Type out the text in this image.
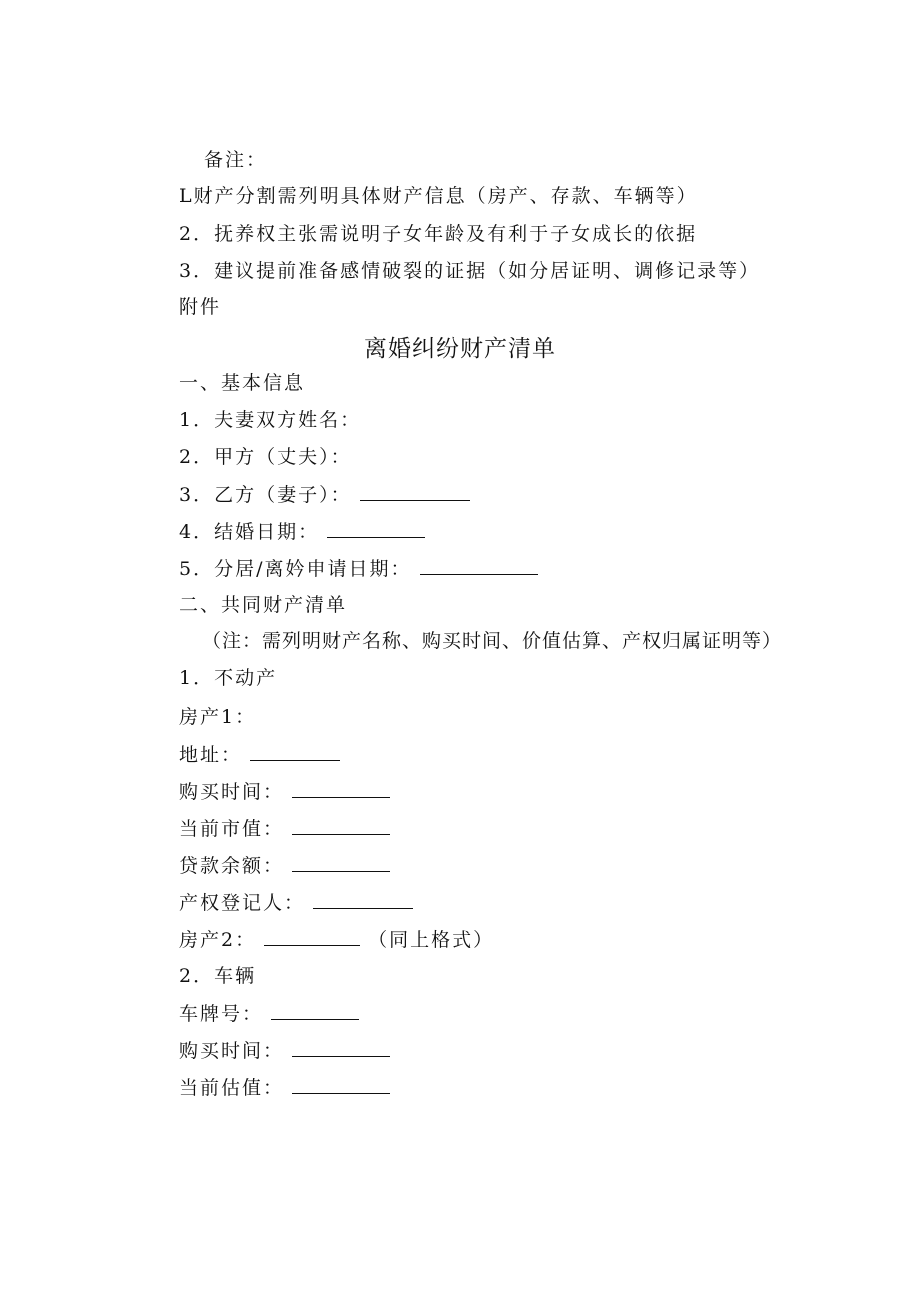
备注：
L财产分割需列明具体财产信息（房产、存款、车辆等）
2．抚养权主张需说明子女年龄及有利于子女成长的依据
3．建议提前准备感情破裂的证据（如分居证明、调修记录等）
附件
离婚纠纷财产清单
一、基本信息
1．夫妻双方姓名：
2．甲方（丈夫）：
3．乙方（妻子）：
4．结婚日期：
5．分居/离妗申请日期：
二、共同财产清单
（注：需列明财产名称、购买时间、价值估算、产权归属证明等）
1．不动产
房产1：
地址：
购买时间：
当前市值：
贷款余额：
产权登记人：
房产2：	（同上格式）
2．车辆
车牌号：
购买时间：
当前估值：
